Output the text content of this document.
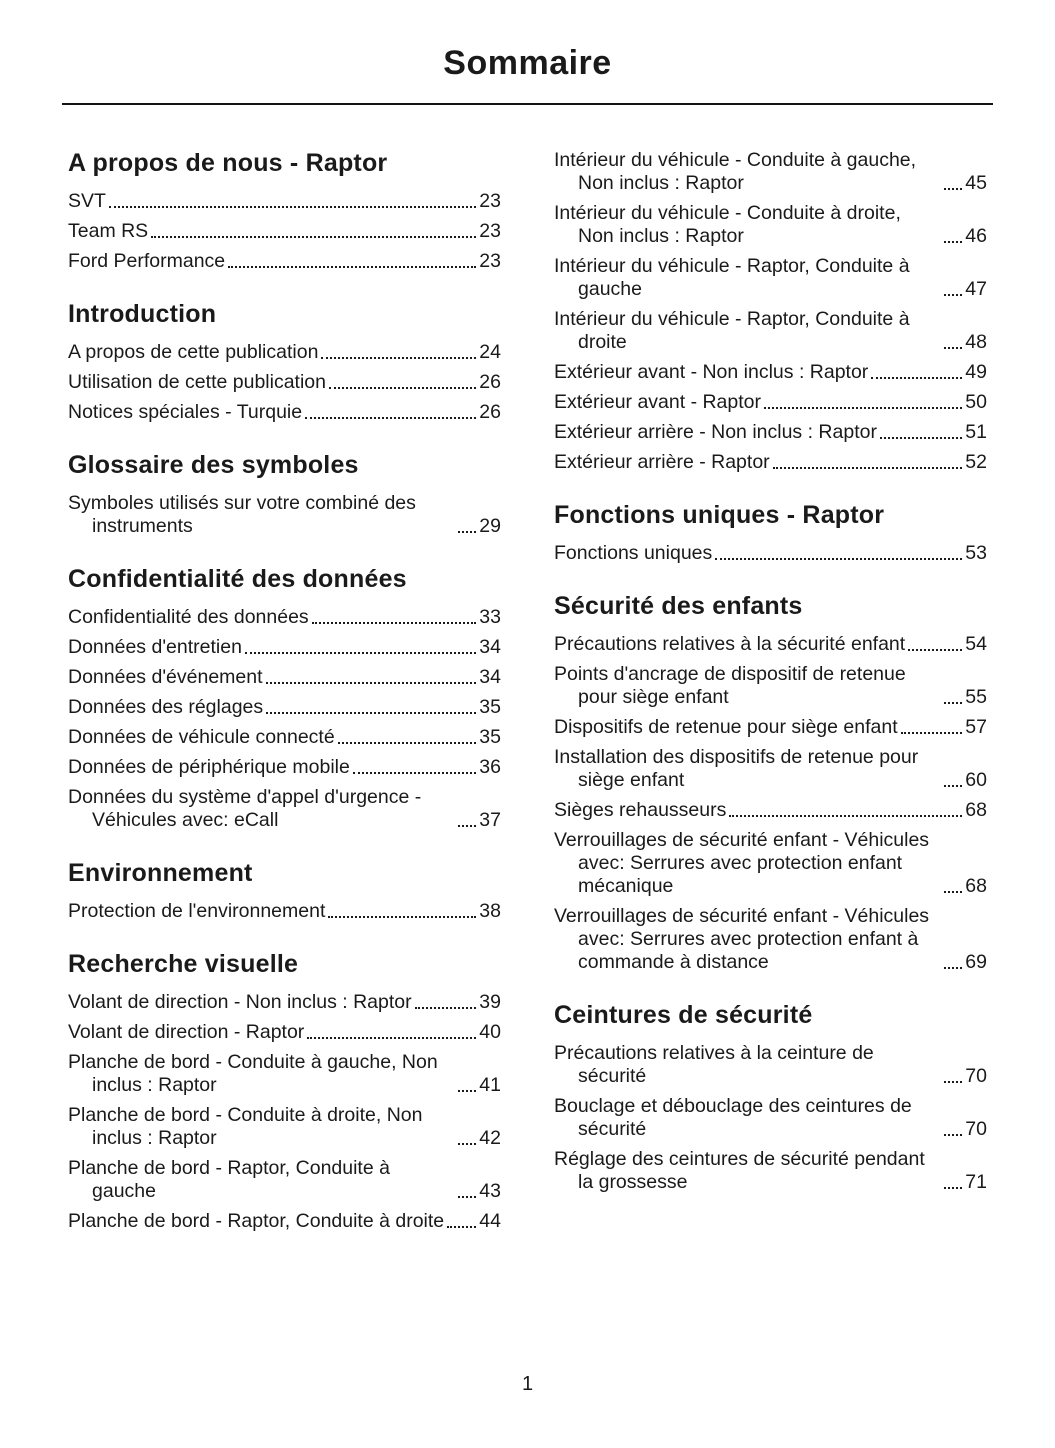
Sommaire
A propos de nous - Raptor
SVT	23
Team RS	23
Ford Performance	23
Introduction
A propos de cette publication	24
Utilisation de cette publication	26
Notices spéciales - Turquie	26
Glossaire des symboles
Symboles utilisés sur votre combiné des instruments	29
Confidentialité des données
Confidentialité des données	33
Données d'entretien	34
Données d'événement	34
Données des réglages	35
Données de véhicule connecté	35
Données de périphérique mobile	36
Données du système d'appel d'urgence - Véhicules avec: eCall	37
Environnement
Protection de l'environnement	38
Recherche visuelle
Volant de direction - Non inclus : Raptor	39
Volant de direction - Raptor	40
Planche de bord - Conduite à gauche, Non inclus : Raptor	41
Planche de bord - Conduite à droite, Non inclus : Raptor	42
Planche de bord - Raptor, Conduite à gauche	43
Planche de bord - Raptor, Conduite à droite 44
Intérieur du véhicule - Conduite à gauche, Non inclus : Raptor	45
Intérieur du véhicule - Conduite à droite, Non inclus : Raptor	46
Intérieur du véhicule - Raptor, Conduite à gauche	47
Intérieur du véhicule - Raptor, Conduite à droite	48
Extérieur avant - Non inclus : Raptor	49
Extérieur avant - Raptor	50
Extérieur arrière - Non inclus : Raptor	51
Extérieur arrière - Raptor	52
Fonctions uniques - Raptor
Fonctions uniques	53
Sécurité des enfants
Précautions relatives à la sécurité enfant	54
Points d'ancrage de dispositif de retenue pour siège enfant	55
Dispositifs de retenue pour siège enfant	57
Installation des dispositifs de retenue pour siège enfant	60
Sièges rehausseurs	68
Verrouillages de sécurité enfant - Véhicules avec: Serrures avec protection enfant mécanique	68
Verrouillages de sécurité enfant - Véhicules avec: Serrures avec protection enfant à commande à distance	69
Ceintures de sécurité
Précautions relatives à la ceinture de sécurité	70
Bouclage et débouclage des ceintures de sécurité	70
Réglage des ceintures de sécurité pendant la grossesse	71
1
